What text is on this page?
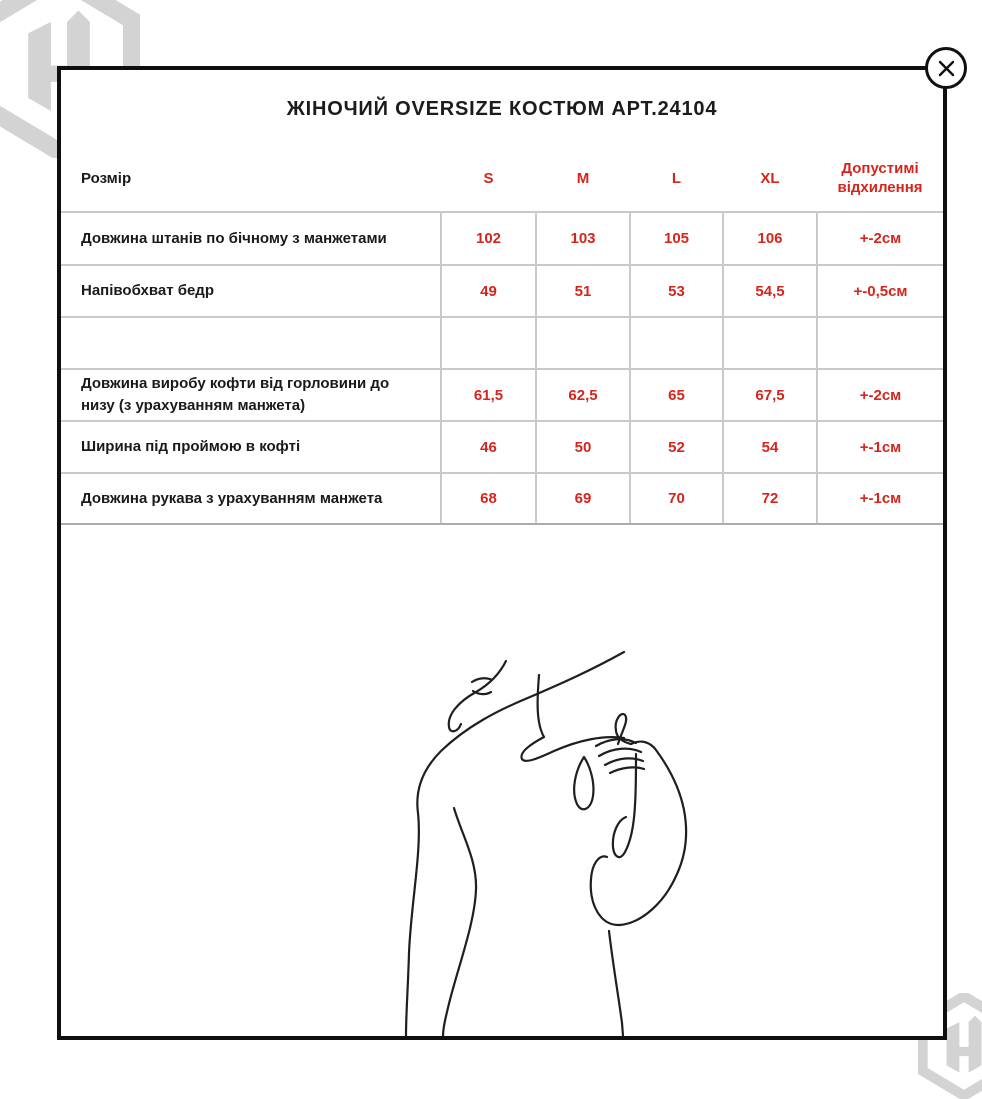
ЖІНОЧИЙ OVERSIZE КОСТЮМ АРТ.24104
Розмір	S	M	L	XL	Допустимі відхилення

Довжина штанів по бічному з манжетами	102	103	105	106	+-2см

Напівобхват бедр	49	51	53	54,5	+-0,5см

Довжина виробу кофти від горловини до низу (з урахуванням манжета)	61,5	62,5	65	67,5	+-2см

Ширина під проймою в кофті	46	50	52	54	+-1см

Довжина рукава з урахуванням манжета	68	69	70	72	+-1см
